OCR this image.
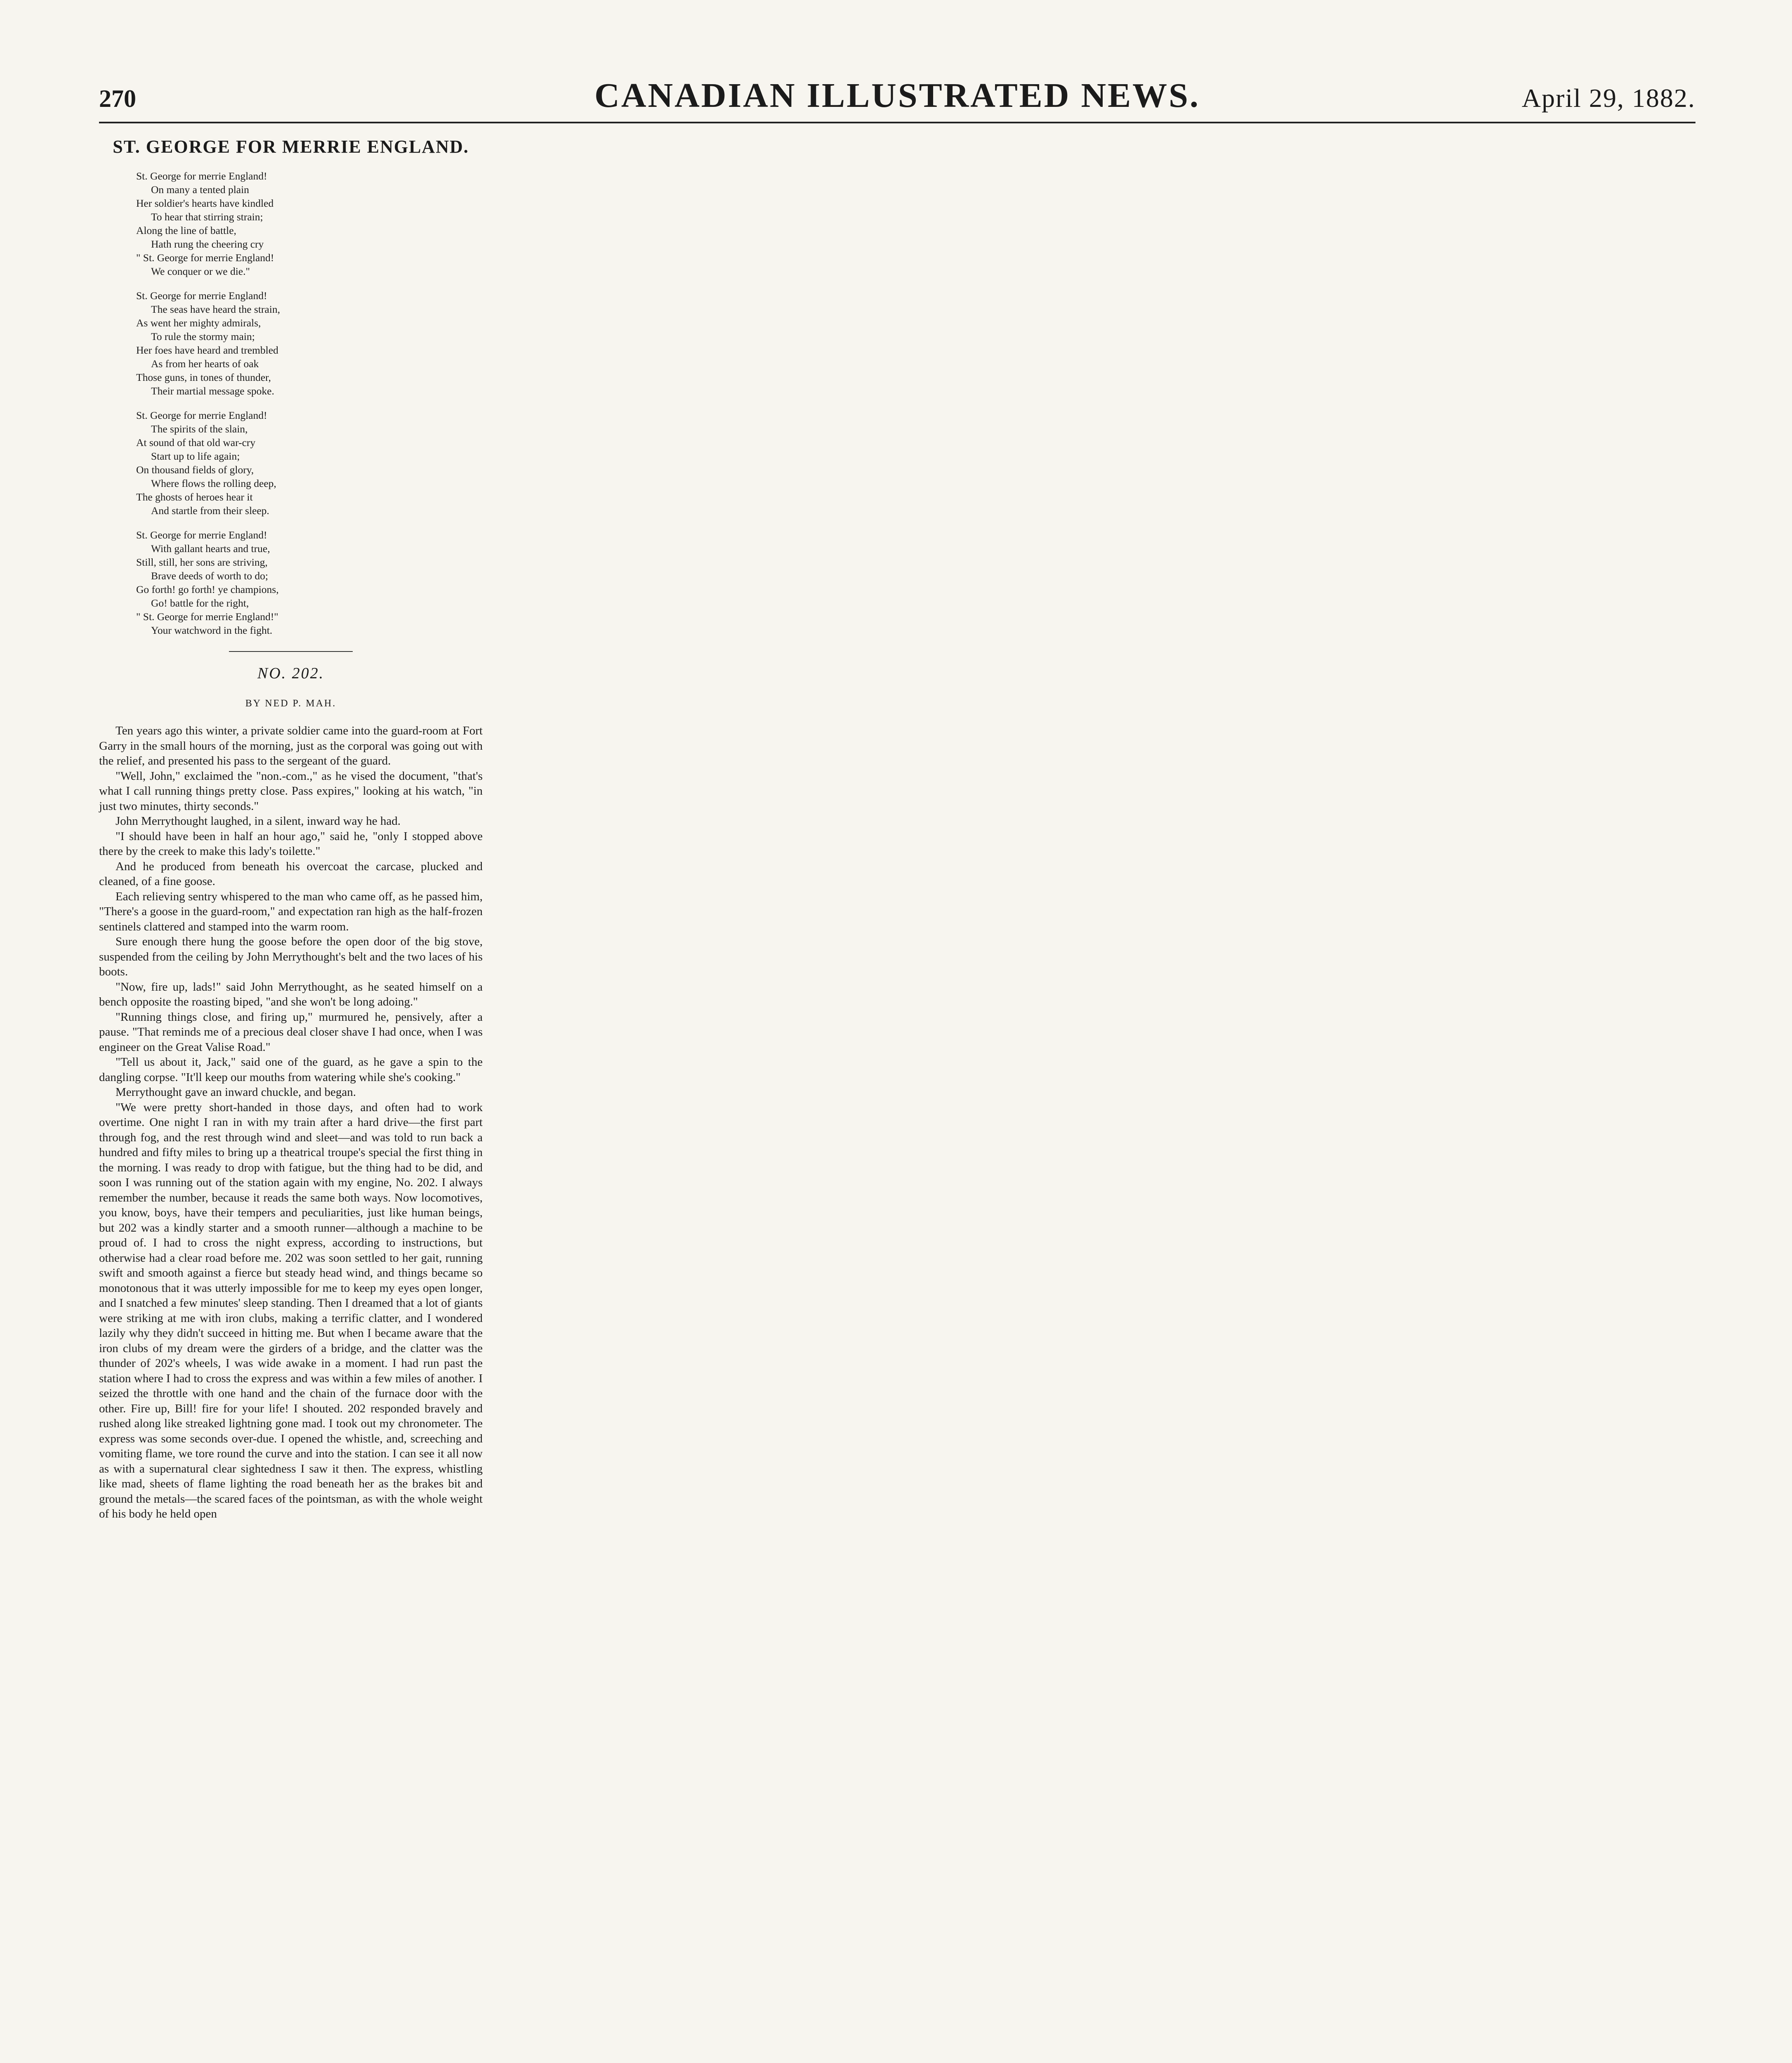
270	CANADIAN ILLUSTRATED NEWS.	April 29, 1882.
ST. GEORGE FOR MERRIE ENGLAND.
St. George for merrie England!
On many a tented plain
Her soldier's hearts have kindled
To hear that stirring strain;
Along the line of battle,
Hath rung the cheering cry
" St. George for merrie England!
We conquer or we die."
St. George for merrie England!
The seas have heard the strain,
As went her mighty admirals,
To rule the stormy main;
Her foes have heard and trembled
As from her hearts of oak
Those guns, in tones of thunder,
Their martial message spoke.
St. George for merrie England!
The spirits of the slain,
At sound of that old war-cry
Start up to life again;
On thousand fields of glory,
Where flows the rolling deep,
The ghosts of heroes hear it
And startle from their sleep.
St. George for merrie England!
With gallant hearts and true,
Still, still, her sons are striving,
Brave deeds of worth to do;
Go forth! go forth! ye champions,
Go! battle for the right,
" St. George for merrie England!"
Your watchword in the fight.
NO. 202.
BY NED P. MAH.

Ten years ago this winter, a private soldier came into the guard-room at Fort Garry in the small hours of the morning, just as the corporal was going out with the relief, and presented his pass to the sergeant of the guard.

"Well, John," exclaimed the "non.-com.," as he vised the document, "that's what I call running things pretty close. Pass expires," looking at his watch, "in just two minutes, thirty seconds."

John Merrythought laughed, in a silent, inward way he had.

"I should have been in half an hour ago," said he, "only I stopped above there by the creek to make this lady's toilette."

And he produced from beneath his overcoat the carcase, plucked and cleaned, of a fine goose.

Each relieving sentry whispered to the man who came off, as he passed him, "There's a goose in the guard-room," and expectation ran high as the half-frozen sentinels clattered and stamped into the warm room.

Sure enough there hung the goose before the open door of the big stove, suspended from the ceiling by John Merrythought's belt and the two laces of his boots.

"Now, fire up, lads!" said John Merrythought, as he seated himself on a bench opposite the roasting biped, "and she won't be long adoing."

"Running things close, and firing up," murmured he, pensively, after a pause. "That reminds me of a precious deal closer shave I had once, when I was engineer on the Great Valise Road."

"Tell us about it, Jack," said one of the guard, as he gave a spin to the dangling corpse. "It'll keep our mouths from watering while she's cooking."

Merrythought gave an inward chuckle, and began.

"We were pretty short-handed in those days, and often had to work overtime. One night I ran in with my train after a hard drive—the first part through fog, and the rest through wind and sleet—and was told to run back a hundred and fifty miles to bring up a theatrical troupe's special the first thing in the morning. I was ready to drop with fatigue, but the thing had to be did, and soon I was running out of the station again with my engine, No. 202. I always remember the number, because it reads the same both ways. Now locomotives, you know, boys, have their tempers and peculiarities, just like human beings, but 202 was a kindly starter and a smooth runner—although a machine to be proud of. I had to cross the night express, according to instructions, but otherwise had a clear road before me. 202 was soon settled to her gait, running swift and smooth against a fierce but steady head wind, and things became so monotonous that it was utterly impossible for me to keep my eyes open longer, and I snatched a few minutes' sleep standing. Then I dreamed that a lot of giants were striking at me with iron clubs, making a terrific clatter, and I wondered lazily why they didn't succeed in hitting me. But when I became aware that the iron clubs of my dream were the girders of a bridge, and the clatter was the thunder of 202's wheels, I was wide awake in a moment. I had run past the station where I had to cross the express and was within a few miles of another. I seized the throttle with one hand and the chain of the furnace door with the other. Fire up, Bill! fire for your life! I shouted. 202 responded bravely and rushed along like streaked lightning gone mad. I took out my chronometer. The express was some seconds over-due. I opened the whistle, and, screeching and vomiting flame, we tore round the curve and into the station. I can see it all now as with a supernatural clear sightedness I saw it then. The express, whistling like mad, sheets of flame lighting the road beneath her as the brakes bit and ground the metals—the scared faces of the pointsman, as with the whole weight of his body he held open
